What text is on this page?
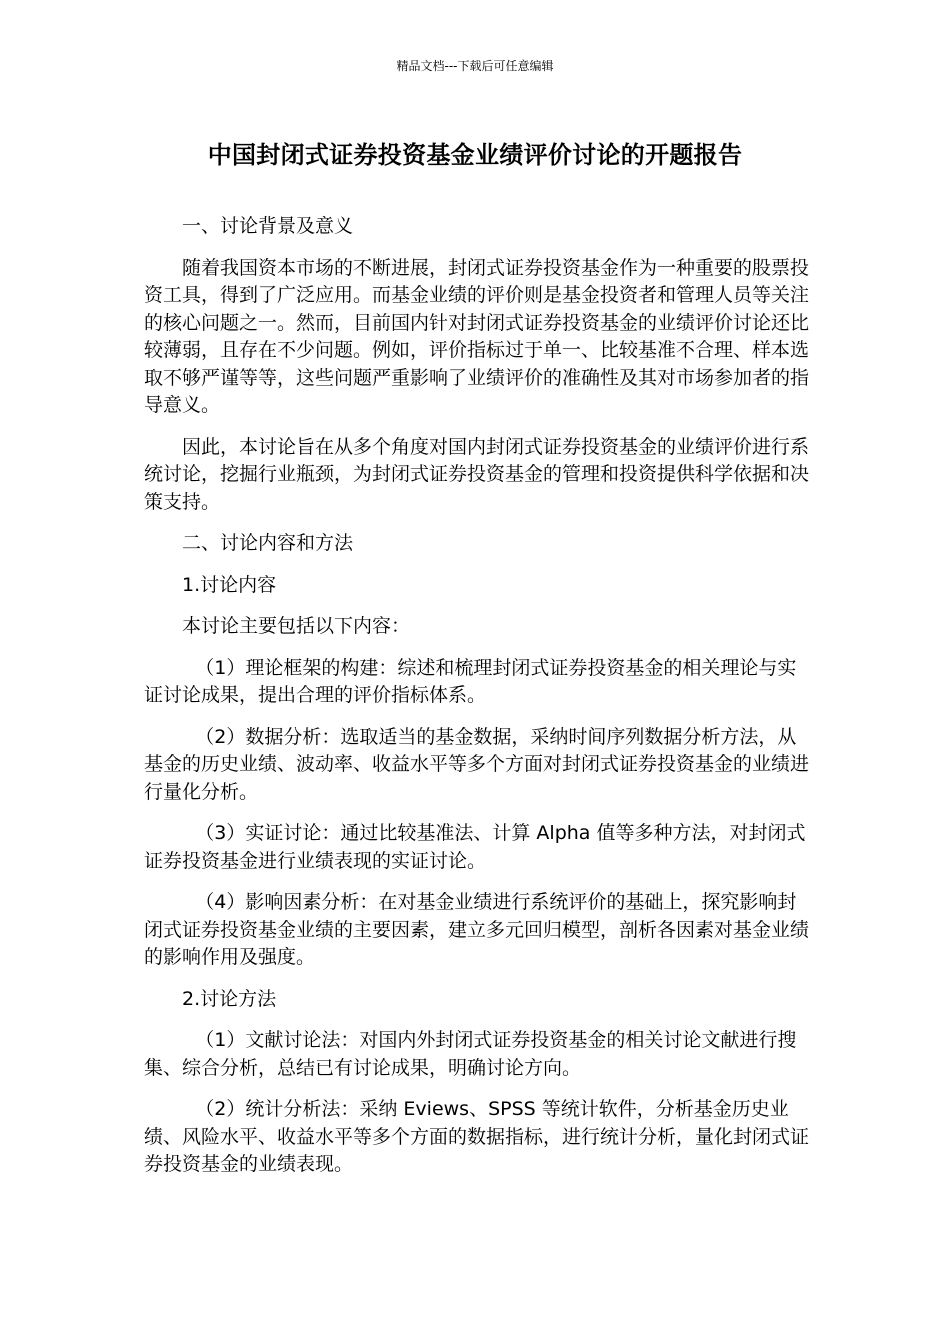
精品文档---下载后可任意编辑
中国封闭式证券投资基金业绩评价讨论的开题报告

一、讨论背景及意义

随着我国资本市场的不断进展，封闭式证券投资基金作为一种重要的股票投资工具，得到了广泛应用。而基金业绩的评价则是基金投资者和管理人员等关注的核心问题之一。然而，目前国内针对封闭式证券投资基金的业绩评价讨论还比较薄弱，且存在不少问题。例如，评价指标过于单一、比较基准不合理、样本选取不够严谨等等，这些问题严重影响了业绩评价的准确性及其对市场参加者的指导意义。

因此，本讨论旨在从多个角度对国内封闭式证券投资基金的业绩评价进行系统讨论，挖掘行业瓶颈，为封闭式证券投资基金的管理和投资提供科学依据和决策支持。

二、讨论内容和方法

1.讨论内容

本讨论主要包括以下内容：

（1）理论框架的构建：综述和梳理封闭式证券投资基金的相关理论与实证讨论成果，提出合理的评价指标体系。

（2）数据分析：选取适当的基金数据，采纳时间序列数据分析方法，从基金的历史业绩、波动率、收益水平等多个方面对封闭式证券投资基金的业绩进行量化分析。

（3）实证讨论：通过比较基准法、计算 Alpha 值等多种方法，对封闭式证券投资基金进行业绩表现的实证讨论。

（4）影响因素分析：在对基金业绩进行系统评价的基础上，探究影响封闭式证券投资基金业绩的主要因素，建立多元回归模型，剖析各因素对基金业绩的影响作用及强度。

2.讨论方法

（1）文献讨论法：对国内外封闭式证券投资基金的相关讨论文献进行搜集、综合分析，总结已有讨论成果，明确讨论方向。

（2）统计分析法：采纳 Eviews、SPSS 等统计软件，分析基金历史业绩、风险水平、收益水平等多个方面的数据指标，进行统计分析，量化封闭式证券投资基金的业绩表现。
